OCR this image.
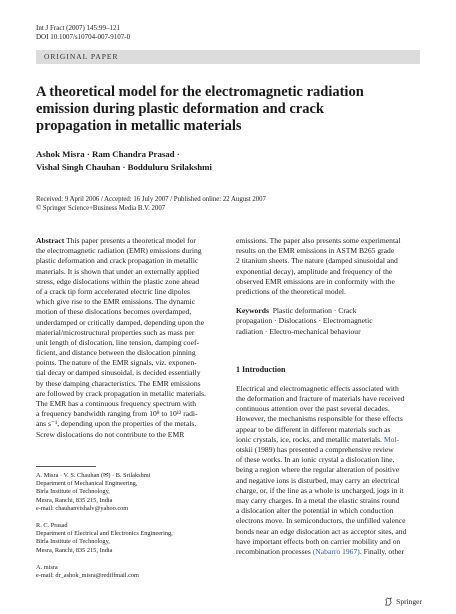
Int J Fract (2007) 145:99–121
DOI 10.1007/s10704-007-9107-0
ORIGINAL PAPER
A theoretical model for the electromagnetic radiation
emission during plastic deformation and crack
propagation in metallic materials
Ashok Misra · Ram Chandra Prasad ·
Vishal Singh Chauhan · Bodduluru Srilakshmi
Received: 9 April 2006 / Accepted: 16 July 2007 / Published online: 22 August 2007
© Springer Science+Business Media B.V. 2007
Abstract This paper presents a theoretical model for
the electromagnetic radiation (EMR) emissions during
plastic deformation and crack propagation in metallic
materials. It is shown that under an externally applied
stress, edge dislocations within the plastic zone ahead
of a crack tip form accelerated electric line dipoles
which give rise to the EMR emissions. The dynamic
motion of these dislocations becomes overdamped,
underdamped or critically damped, depending upon the
material/microstructural properties such as mass per
unit length of dislocation, line tension, damping coef-
ficient, and distance between the dislocation pinning
points. The nature of the EMR signals, viz. exponen-
tial decay or damped sinusoidal, is decided essentially
by these damping characteristics. The EMR emissions
are followed by crack propagation in metallic materials.
The EMR has a continuous frequency spectrum with
a frequency bandwidth ranging from 10⁸ to 10¹² radi-
ans s⁻¹, depending upon the properties of the metals.
Screw dislocations do not contribute to the EMR
A. Misra · V. S. Chauhan (✉) · B. Srilakshmi
Department of Mechanical Engineering,
Birla Institute of Technology,
Mesra, Ranchi, 835 215, India
e-mail: chauhanvishalv@yahoo.com
R. C. Prasad
Department of Electrical and Electronics Engineering,
Birla Institute of Technology,
Mesra, Ranchi, 835 215, India
A. misra
e-mail: dr_ashok_misra@rediffmail.com
emissions. The paper also presents some experimental
results on the EMR emissions in ASTM B265 grade
2 titanium sheets. The nature (damped sinusoidal and
exponential decay), amplitude and frequency of the
observed EMR emissions are in conformity with the
predictions of the theoretical model.
Keywords Plastic deformation · Crack
propagation · Dislocations · Electromagnetic
radiation · Electro-mechanical behaviour
1 Introduction
Electrical and electromagnetic effects associated with
the deformation and fracture of materials have received
continuous attention over the past several decades.
However, the mechanisms responsible for these effects
appear to be different in different materials such as
ionic crystals, ice, rocks, and metallic materials. Mol-
otskii (1989) has presented a comprehensive review
of these works. In an ionic crystal a dislocation line,
being a region where the regular alteration of positive
and negative ions is disturbed, may carry an electrical
charge, or, if the line as a whole is uncharged, jogs in it
may carry charges. In a metal the elastic strains round
a dislocation alter the potential in which conduction
electrons move. In semiconductors, the unfilled valence
bonds near an edge dislocation act as acceptor sites, and
have important effects both on carrier mobility and on
recombination processes (Nabarro 1967). Finally, other
Springer
